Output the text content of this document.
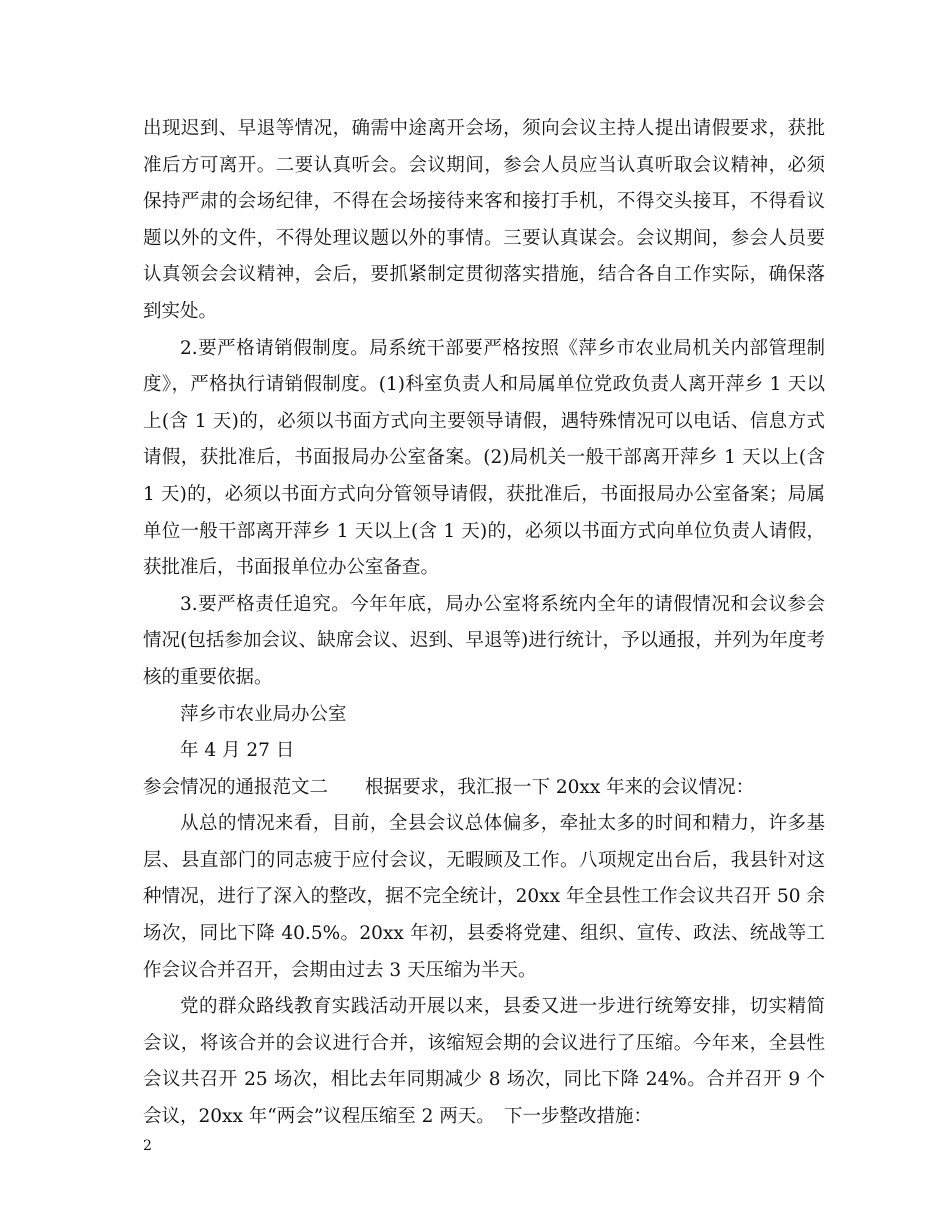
出现迟到、早退等情况，确需中途离开会场，须向会议主持人提出请假要求，获批准后方可离开。二要认真听会。会议期间，参会人员应当认真听取会议精神，必须保持严肃的会场纪律，不得在会场接待来客和接打手机，不得交头接耳，不得看议题以外的文件，不得处理议题以外的事情。三要认真谋会。会议期间，参会人员要认真领会会议精神，会后，要抓紧制定贯彻落实措施，结合各自工作实际，确保落到实处。

2.要严格请销假制度。局系统干部要严格按照《萍乡市农业局机关内部管理制度》，严格执行请销假制度。(1)科室负责人和局属单位党政负责人离开萍乡 1 天以上(含 1 天)的，必须以书面方式向主要领导请假，遇特殊情况可以电话、信息方式请假，获批准后，书面报局办公室备案。(2)局机关一般干部离开萍乡 1 天以上(含 1 天)的，必须以书面方式向分管领导请假，获批准后，书面报局办公室备案；局属单位一般干部离开萍乡 1 天以上(含 1 天)的，必须以书面方式向单位负责人请假，获批准后，书面报单位办公室备查。

3.要严格责任追究。今年年底，局办公室将系统内全年的请假情况和会议参会情况(包括参加会议、缺席会议、迟到、早退等)进行统计，予以通报，并列为年度考核的重要依据。

萍乡市农业局办公室

年 4 月 27 日

参会情况的通报范文二　　根据要求，我汇报一下 20xx 年来的会议情况：

从总的情况来看，目前，全县会议总体偏多，牵扯太多的时间和精力，许多基层、县直部门的同志疲于应付会议，无暇顾及工作。八项规定出台后，我县针对这种情况，进行了深入的整改，据不完全统计，20xx 年全县性工作会议共召开 50 余场次，同比下降 40.5%。20xx 年初，县委将党建、组织、宣传、政法、统战等工作会议合并召开，会期由过去 3 天压缩为半天。

党的群众路线教育实践活动开展以来，县委又进一步进行统筹安排，切实精简会议，将该合并的会议进行合并，该缩短会期的会议进行了压缩。今年来，全县性会议共召开 25 场次，相比去年同期减少 8 场次，同比下降 24%。合并召开 9 个会议，20xx 年“两会”议程压缩至 2 两天。　下一步整改措施：

2
